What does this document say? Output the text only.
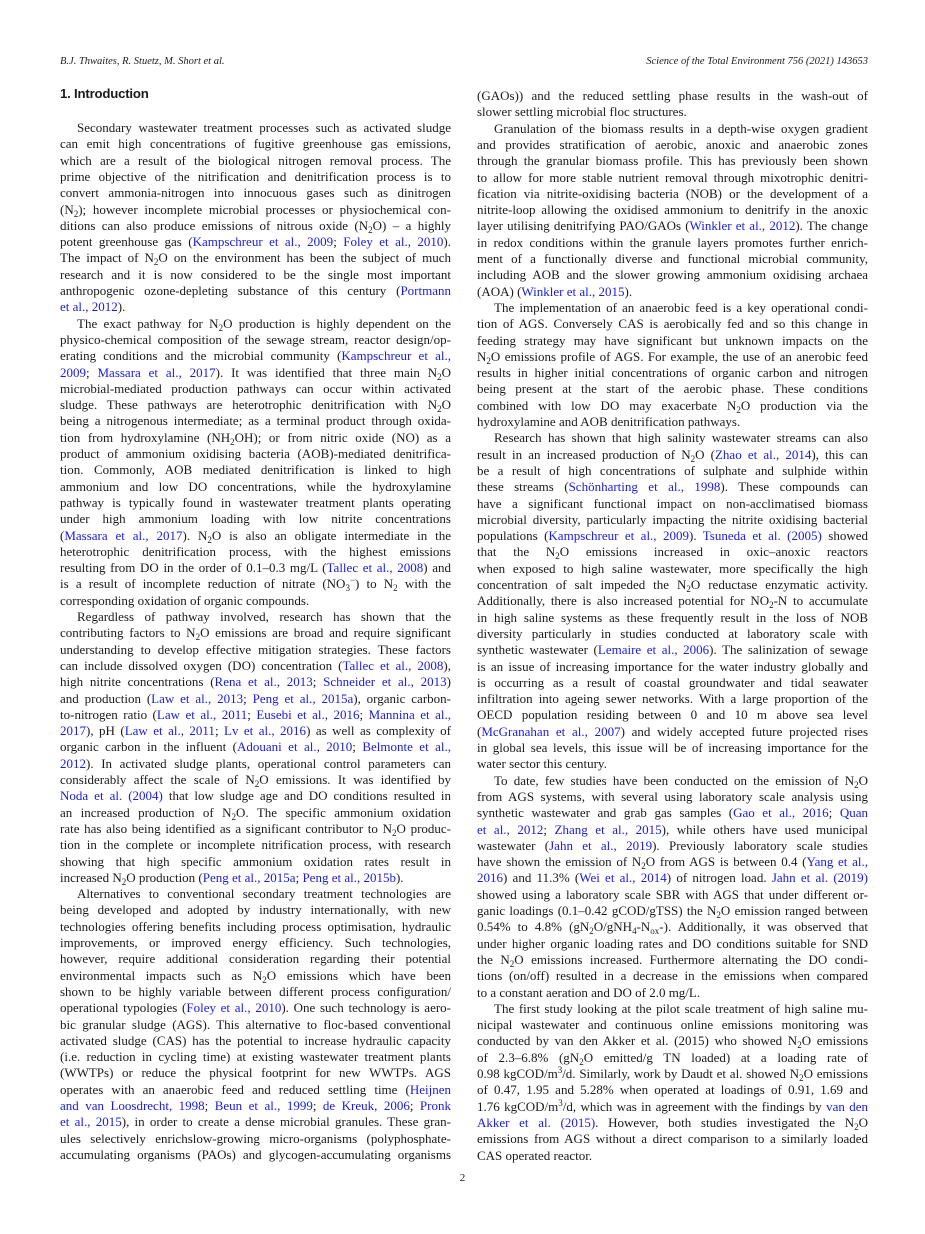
B.J. Thwaites, R. Stuetz, M. Short et al.	Science of the Total Environment 756 (2021) 143653
1. Introduction
Secondary wastewater treatment processes such as activated sludge
can emit high concentrations of fugitive greenhouse gas emissions,
which are a result of the biological nitrogen removal process. The
prime objective of the nitrification and denitrification process is to
convert ammonia-nitrogen into innocuous gases such as dinitrogen
$(N_2)$; however incomplete microbial processes or physiochemical con-
ditions can also produce emissions of nitrous oxide $(N_2O)$ – a highly
potent greenhouse gas (Kampschreur et al., 2009; Foley et al., 2010).
The impact of $N_2O$ on the environment has been the subject of much
research and it is now considered to be the single most important
anthropogenic ozone-depleting substance of this century (Portmann
et al., 2012).
The exact pathway for $N_2O$ production is highly dependent on the
physico-chemical composition of the sewage stream, reactor design/op-
erating conditions and the microbial community (Kampschreur et al.,
2009; Massara et al., 2017). It was identified that three main $N_2O$
microbial-mediated production pathways can occur within activated
sludge. These pathways are heterotrophic denitrification with $N_2O$
being a nitrogenous intermediate; as a terminal product through oxida-
tion from hydroxylamine $(NH_2OH)$; or from nitric oxide (NO) as a
product of ammonium oxidising bacteria (AOB)-mediated denitrifica-
tion. Commonly, AOB mediated denitrification is linked to high
ammonium and low DO concentrations, while the hydroxylamine
pathway is typically found in wastewater treatment plants operating
under high ammonium loading with low nitrite concentrations
(Massara et al., 2017). $N_2O$ is also an obligate intermediate in the
heterotrophic denitrification process, with the highest emissions
resulting from DO in the order of 0.1–0.3 mg/L (Tallec et al., 2008) and
is a result of incomplete reduction of nitrate $(NO_3^-)$ to $N_2$ with the
corresponding oxidation of organic compounds.
Regardless of pathway involved, research has shown that the
contributing factors to $N_2O$ emissions are broad and require significant
understanding to develop effective mitigation strategies. These factors
can include dissolved oxygen (DO) concentration (Tallec et al., 2008),
high nitrite concentrations (Rena et al., 2013; Schneider et al., 2013)
and production (Law et al., 2013; Peng et al., 2015a), organic carbon-
to-nitrogen ratio (Law et al., 2011; Eusebi et al., 2016; Mannina et al.,
2017), pH (Law et al., 2011; Lv et al., 2016) as well as complexity of
organic carbon in the influent (Adouani et al., 2010; Belmonte et al.,
2012). In activated sludge plants, operational control parameters can
considerably affect the scale of $N_2O$ emissions. It was identified by
Noda et al. (2004) that low sludge age and DO conditions resulted in
an increased production of $N_2O$. The specific ammonium oxidation
rate has also being identified as a significant contributor to $N_2O$ produc-
tion in the complete or incomplete nitrification process, with research
showing that high specific ammonium oxidation rates result in
increased $N_2O$ production (Peng et al., 2015a; Peng et al., 2015b).
Alternatives to conventional secondary treatment technologies are
being developed and adopted by industry internationally, with new
technologies offering benefits including process optimisation, hydraulic
improvements, or improved energy efficiency. Such technologies,
however, require additional consideration regarding their potential
environmental impacts such as $N_2O$ emissions which have been
shown to be highly variable between different process configuration/
operational typologies (Foley et al., 2010). One such technology is aero-
bic granular sludge (AGS). This alternative to floc-based conventional
activated sludge (CAS) has the potential to increase hydraulic capacity
(i.e. reduction in cycling time) at existing wastewater treatment plants
(WWTPs) or reduce the physical footprint for new WWTPs. AGS
operates with an anaerobic feed and reduced settling time (Heijnen
and van Loosdrecht, 1998; Beun et al., 1999; de Kreuk, 2006; Pronk
et al., 2015), in order to create a dense microbial granules. These gran-
ules selectively enrichslow-growing micro-organisms (polyphosphate-
accumulating organisms (PAOs) and glycogen-accumulating organisms
(GAOs)) and the reduced settling phase results in the wash-out of
slower settling microbial floc structures.
Granulation of the biomass results in a depth-wise oxygen gradient
and provides stratification of aerobic, anoxic and anaerobic zones
through the granular biomass profile. This has previously been shown
to allow for more stable nutrient removal through mixotrophic denitri-
fication via nitrite-oxidising bacteria (NOB) or the development of a
nitrite-loop allowing the oxidised ammonium to denitrify in the anoxic
layer utilising denitrifying PAO/GAOs (Winkler et al., 2012). The change
in redox conditions within the granule layers promotes further enrich-
ment of a functionally diverse and functional microbial community,
including AOB and the slower growing ammonium oxidising archaea
(AOA) (Winkler et al., 2015).
The implementation of an anaerobic feed is a key operational condi-
tion of AGS. Conversely CAS is aerobically fed and so this change in
feeding strategy may have significant but unknown impacts on the
$N_2O$ emissions profile of AGS. For example, the use of an anerobic feed
results in higher initial concentrations of organic carbon and nitrogen
being present at the start of the aerobic phase. These conditions
combined with low DO may exacerbate $N_2O$ production via the
hydroxylamine and AOB denitrification pathways.
Research has shown that high salinity wastewater streams can also
result in an increased production of $N_2O$ (Zhao et al., 2014), this can
be a result of high concentrations of sulphate and sulphide within
these streams (Schönharting et al., 1998). These compounds can
have a significant functional impact on non-acclimatised biomass
microbial diversity, particularly impacting the nitrite oxidising bacterial
populations (Kampschreur et al., 2009). Tsuneda et al. (2005) showed
that the $N_2O$ emissions increased in oxic–anoxic reactors
when exposed to high saline wastewater, more specifically the high
concentration of salt impeded the $N_2O$ reductase enzymatic activity.
Additionally, there is also increased potential for $NO_2-N$ to accumulate
in high saline systems as these frequently result in the loss of NOB
diversity particularly in studies conducted at laboratory scale with
synthetic wastewater (Lemaire et al., 2006). The salinization of sewage
is an issue of increasing importance for the water industry globally and
is occurring as a result of coastal groundwater and tidal seawater
infiltration into ageing sewer networks. With a large proportion of the
OECD population residing between 0 and 10 m above sea level
(McGranahan et al., 2007) and widely accepted future projected rises
in global sea levels, this issue will be of increasing importance for the
water sector this century.
To date, few studies have been conducted on the emission of $N_2O$
from AGS systems, with several using laboratory scale analysis using
synthetic wastewater and grab gas samples (Gao et al., 2016; Quan
et al., 2012; Zhang et al., 2015), while others have used municipal
wastewater (Jahn et al., 2019). Previously laboratory scale studies
have shown the emission of $N_2O$ from AGS is between 0.4 (Yang et al.,
2016) and 11.3% (Wei et al., 2014) of nitrogen load. Jahn et al. (2019)
showed using a laboratory scale SBR with AGS that under different or-
ganic loadings (0.1–0.42 gCOD/gTSS) the $N_2O$ emission ranged between
0.54% to 4.8% $(gN_2O/gNH_4-N_{ox}-)$. Additionally, it was observed that
under higher organic loading rates and DO conditions suitable for SND
the $N_2O$ emissions increased. Furthermore alternating the DO condi-
tions (on/off) resulted in a decrease in the emissions when compared
to a constant aeration and DO of 2.0 mg/L.
The first study looking at the pilot scale treatment of high saline mu-
nicipal wastewater and continuous online emissions monitoring was
conducted by van den Akker et al. (2015) who showed $N_2O$ emissions
of 2.3–6.8% ($gN_2O$ emitted/g TN loaded) at a loading rate of
0.98 kgCOD/$m^3/d$. Similarly, work by Daudt et al. showed $N_2O$ emissions
of 0.47, 1.95 and 5.28% when operated at loadings of 0.91, 1.69 and
1.76 kgCOD/$m^3/d$, which was in agreement with the findings by van den
Akker et al. (2015). However, both studies investigated the $N_2O$
emissions from AGS without a direct comparison to a similarly loaded
CAS operated reactor.
2
